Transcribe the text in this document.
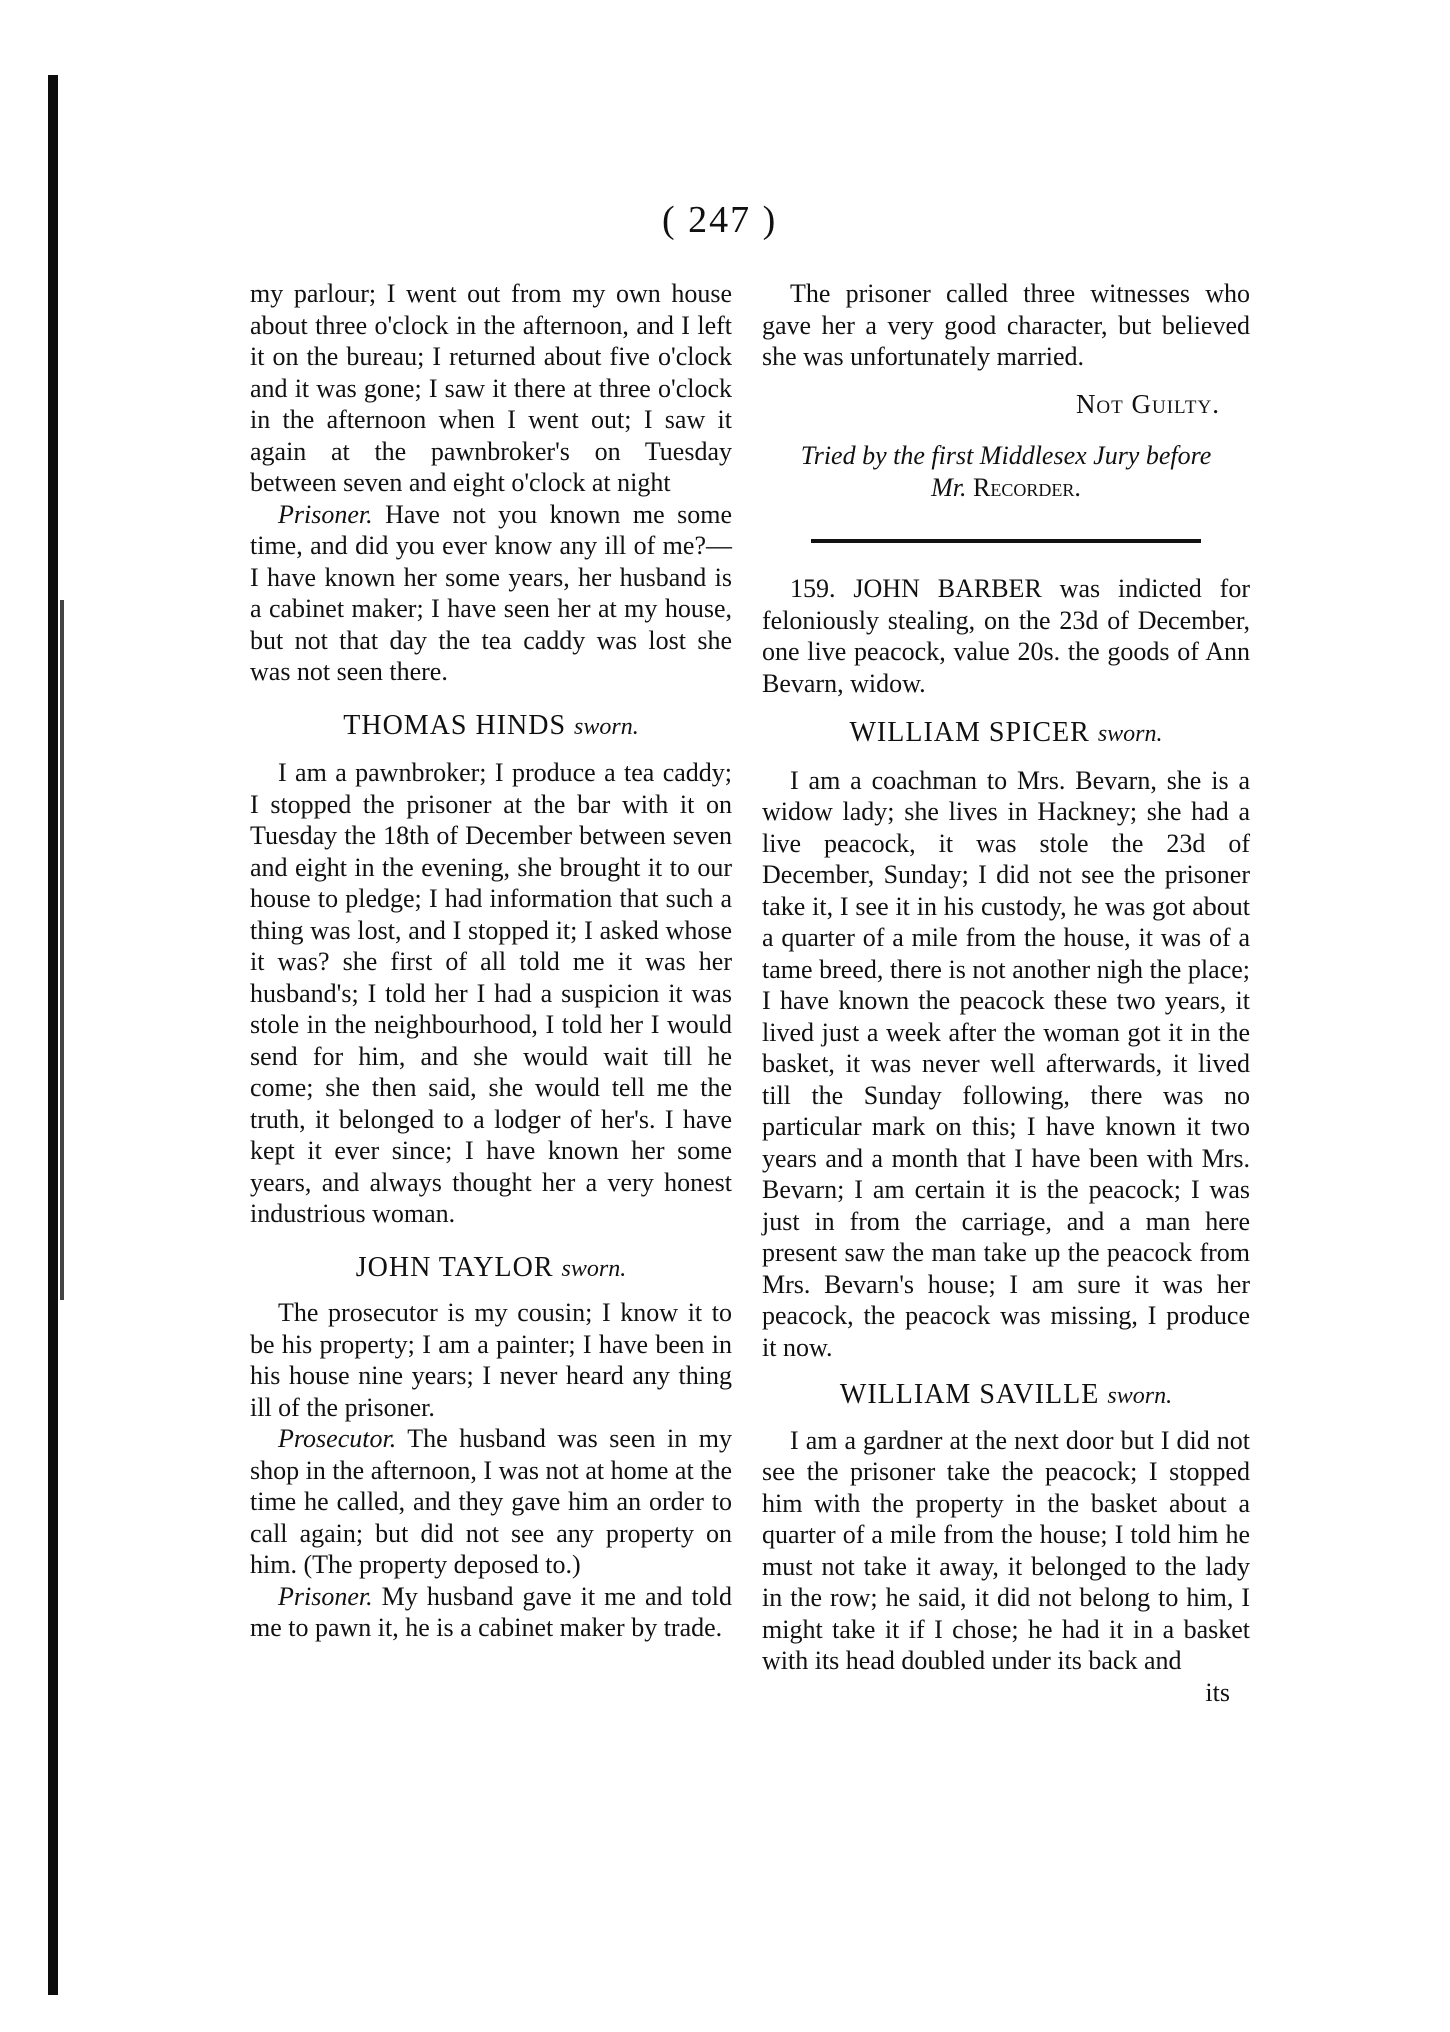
( 247 )

my parlour; I went out from my own house about three o'clock in the afternoon, and I left it on the bureau; I returned about five o'clock and it was gone; I saw it there at three o'clock in the afternoon when I went out; I saw it again at the pawnbroker's on Tuesday between seven and eight o'clock at night

Prisoner. Have not you known me some time, and did you ever know any ill of me?—I have known her some years, her husband is a cabinet maker; I have seen her at my house, but not that day the tea caddy was lost she was not seen there.

THOMAS HINDS sworn.

I am a pawnbroker; I produce a tea caddy; I stopped the prisoner at the bar with it on Tuesday the 18th of December between seven and eight in the evening, she brought it to our house to pledge; I had information that such a thing was lost, and I stopped it; I asked whose it was? she first of all told me it was her husband's; I told her I had a suspicion it was stole in the neighbourhood, I told her I would send for him, and she would wait till he come; she then said, she would tell me the truth, it belonged to a lodger of her's. I have kept it ever since; I have known her some years, and always thought her a very honest industrious woman.

JOHN TAYLOR sworn.

The prosecutor is my cousin; I know it to be his property; I am a painter; I have been in his house nine years; I never heard any thing ill of the prisoner.

Prosecutor. The husband was seen in my shop in the afternoon, I was not at home at the time he called, and they gave him an order to call again; but did not see any property on him. (The property deposed to.)

Prisoner. My husband gave it me and told me to pawn it, he is a cabinet maker by trade.

The prisoner called three witnesses who gave her a very good character, but believed she was unfortunately married.

Not Guilty.
Tried by the first Middlesex Jury before
Mr. Recorder.

159. JOHN BARBER was indicted for feloniously stealing, on the 23d of December, one live peacock, value 20s. the goods of Ann Bevarn, widow.

WILLIAM SPICER sworn.

I am a coachman to Mrs. Bevarn, she is a widow lady; she lives in Hackney; she had a live peacock, it was stole the 23d of December, Sunday; I did not see the prisoner take it, I see it in his custody, he was got about a quarter of a mile from the house, it was of a tame breed, there is not another nigh the place; I have known the peacock these two years, it lived just a week after the woman got it in the basket, it was never well afterwards, it lived till the Sunday following, there was no particular mark on this; I have known it two years and a month that I have been with Mrs. Bevarn; I am certain it is the peacock; I was just in from the carriage, and a man here present saw the man take up the peacock from Mrs. Bevarn's house; I am sure it was her peacock, the peacock was missing, I produce it now.

WILLIAM SAVILLE sworn.

I am a gardner at the next door but I did not see the prisoner take the peacock; I stopped him with the property in the basket about a quarter of a mile from the house; I told him he must not take it away, it belonged to the lady in the row; he said, it did not belong to him, I might take it if I chose; he had it in a basket with its head doubled under its back and

its
